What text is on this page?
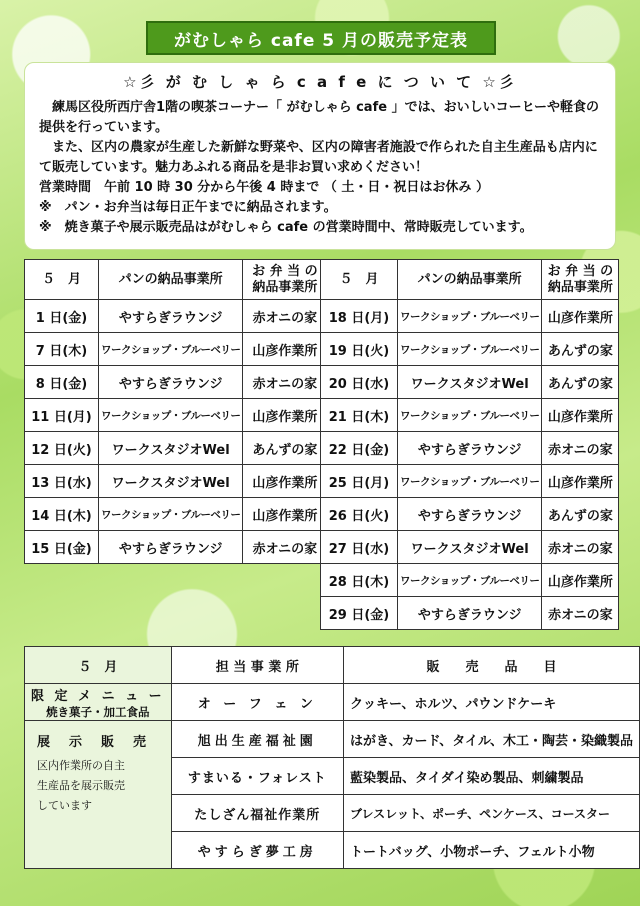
がむしゃら cafe 5 月の販売予定表
☆彡 が む し ゃ ら c a f e に つ い て ☆彡

練馬区役所西庁舎1階の喫茶コーナー「 がむしゃら cafe 」では、おいしいコーヒーや軽食の提供を行っています。

また、区内の農家が生産した新鮮な野菜や、区内の障害者施設で作られた自主生産品も店内にて販売しています。魅力あふれる商品を是非お買い求めください！

営業時間　午前 10 時 30 分から午後 4 時まで （ 土・日・祝日はお休み ）

※　パン・お弁当は毎日正午までに納品されます。

※　焼き菓子や展示販売品はがむしゃら cafe の営業時間中、常時販売しています。

５　月	パンの納品事業所	お 弁 当 の
納品事業所
1 日(金)	やすらぎラウンジ	赤オニの家
7 日(木)	ワークショップ・ブルーベリー	山彦作業所
8 日(金)	やすらぎラウンジ	赤オニの家
11 日(月)	ワークショップ・ブルーベリー	山彦作業所
12 日(火)	ワークスタジオWel	あんずの家
13 日(水)	ワークスタジオWel	山彦作業所
14 日(木)	ワークショップ・ブルーベリー	山彦作業所
15 日(金)	やすらぎラウンジ	赤オニの家
５　月	パンの納品事業所	お 弁 当 の
納品事業所
18 日(月)	ワークショップ・ブルーベリー	山彦作業所
19 日(火)	ワークショップ・ブルーベリー	あんずの家
20 日(水)	ワークスタジオWel	あんずの家
21 日(木)	ワークショップ・ブルーベリー	山彦作業所
22 日(金)	やすらぎラウンジ	赤オニの家
25 日(月)	ワークショップ・ブルーベリー	山彦作業所
26 日(火)	やすらぎラウンジ	あんずの家
27 日(水)	ワークスタジオWel	赤オニの家
28 日(木)	ワークショップ・ブルーベリー	山彦作業所
29 日(金)	やすらぎラウンジ	赤オニの家
５　月	担 当 事 業 所	販　　売　　品　　目
限 定 メ ニ ュ ー
焼き菓子・加工食品	オ ー フ ェ ン	クッキー、ホルツ、パウンドケーキ
展　示　販　売
区内作業所の自主
生産品を展示販売
しています	旭出生産福祉園	はがき、カード、タイル、木工・陶芸・染織製品
	すまいる・フォレスト	藍染製品、タイダイ染め製品、刺繍製品
	たしざん福祉作業所	ブレスレット、ポーチ、ペンケース、コースター
	やすらぎ夢工房	トートバッグ、小物ポーチ、フェルト小物
